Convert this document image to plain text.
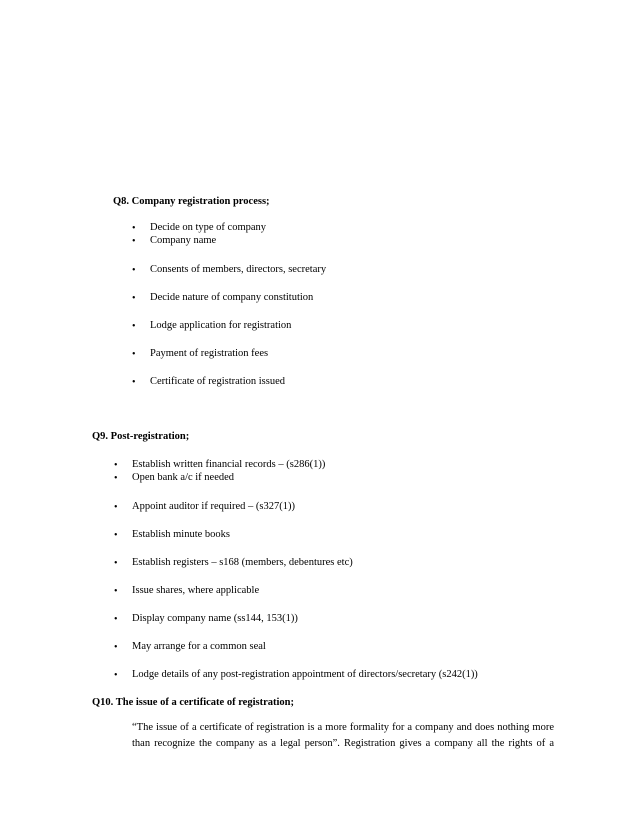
Q8. Company registration process;
• Decide on type of company
• Company name
• Consents of members, directors, secretary
• Decide nature of company constitution
• Lodge application for registration
• Payment of registration fees
• Certificate of registration issued
Q9. Post-registration;
• Establish written financial records – (s286(1))
• Open bank a/c if needed
• Appoint auditor if required – (s327(1))
• Establish minute books
• Establish registers – s168 (members, debentures etc)
• Issue shares, where applicable
• Display company name (ss144, 153(1))
• May arrange for a common seal
• Lodge details of any post-registration appointment of directors/secretary (s242(1))
Q10. The issue of a certificate of registration;
“The issue of a certificate of registration is a more formality for a company and does nothing more
than recognize the company as a legal person”. Registration gives a company all the rights of a
